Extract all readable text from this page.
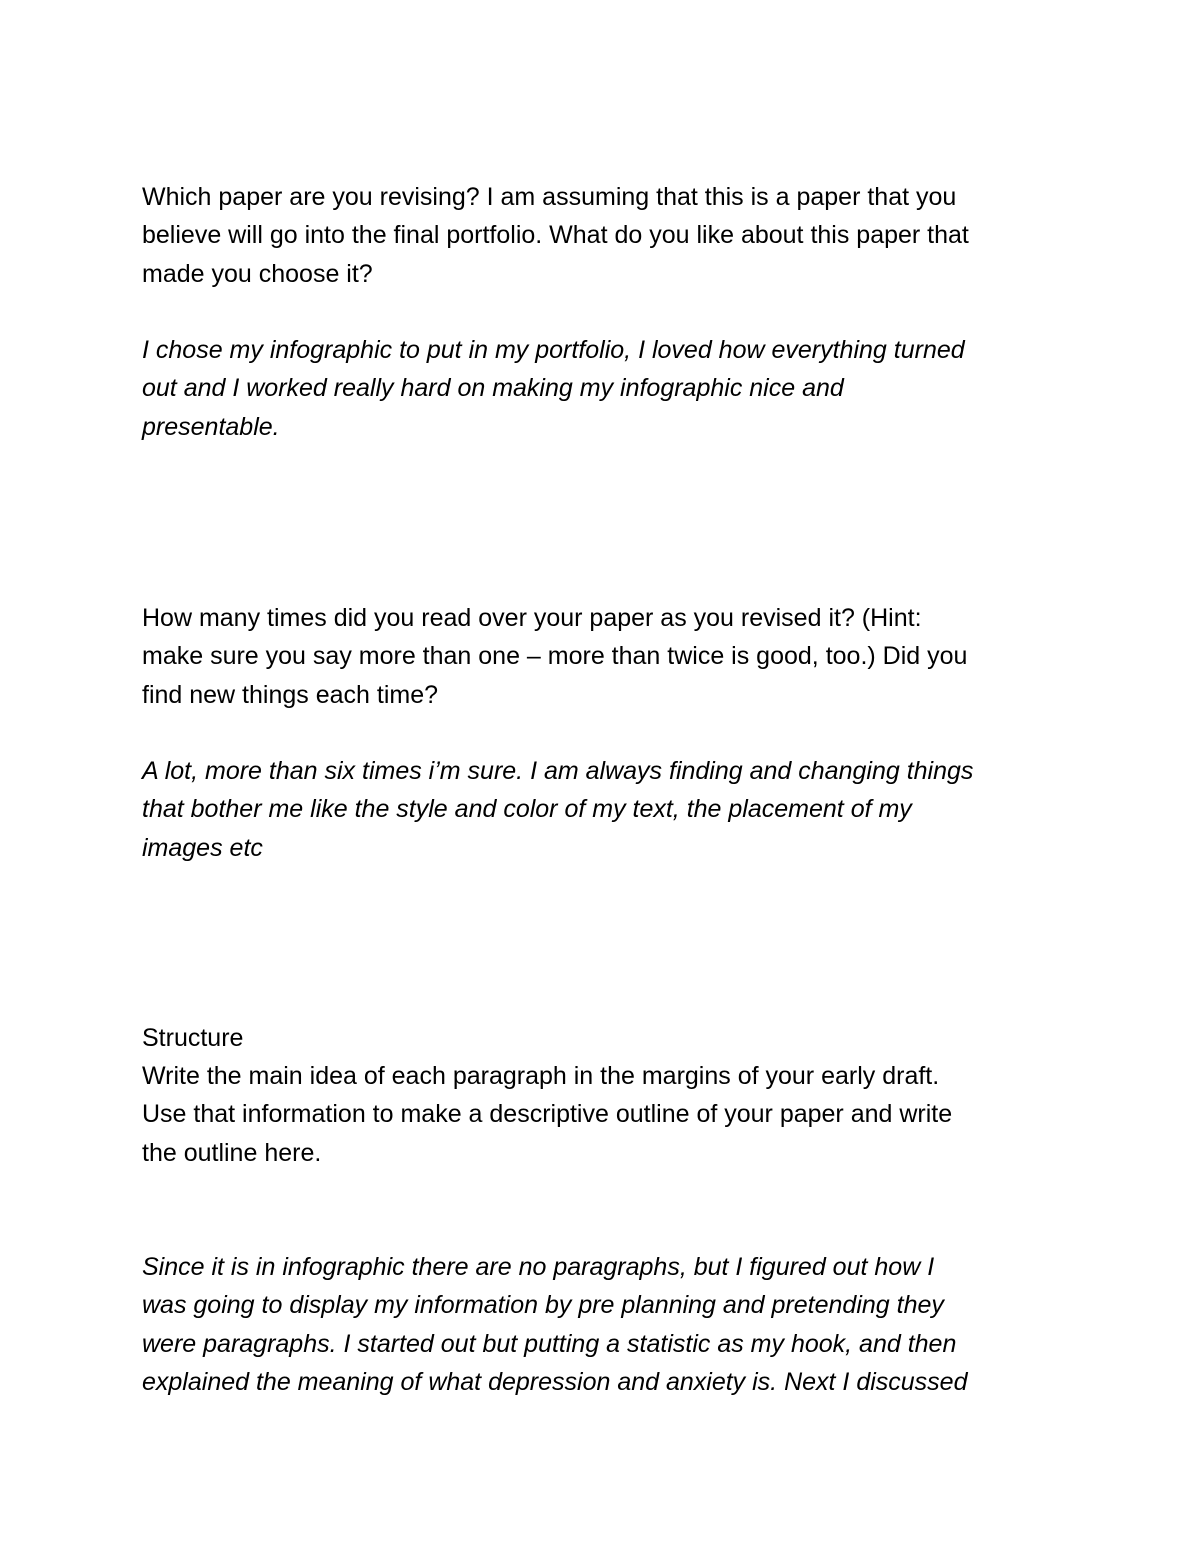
Which paper are you revising? I am assuming that this is a paper that you
believe will go into the final portfolio. What do you like about this paper that
made you choose it?

I chose my infographic to put in my portfolio, I loved how everything turned
out and I worked really hard on making my infographic nice and
presentable.

How many times did you read over your paper as you revised it? (Hint:
make sure you say more than one – more than twice is good, too.) Did you
find new things each time?

A lot, more than six times i’m sure. I am always finding and changing things
that bother me like the style and color of my text, the placement of my
images etc

Structure

Write the main idea of each paragraph in the margins of your early draft.
Use that information to make a descriptive outline of your paper and write
the outline here.

Since it is in infographic there are no paragraphs, but I figured out how I
was going to display my information by pre planning and pretending they
were paragraphs. I started out but putting a statistic as my hook, and then
explained the meaning of what depression and anxiety is. Next I discussed
